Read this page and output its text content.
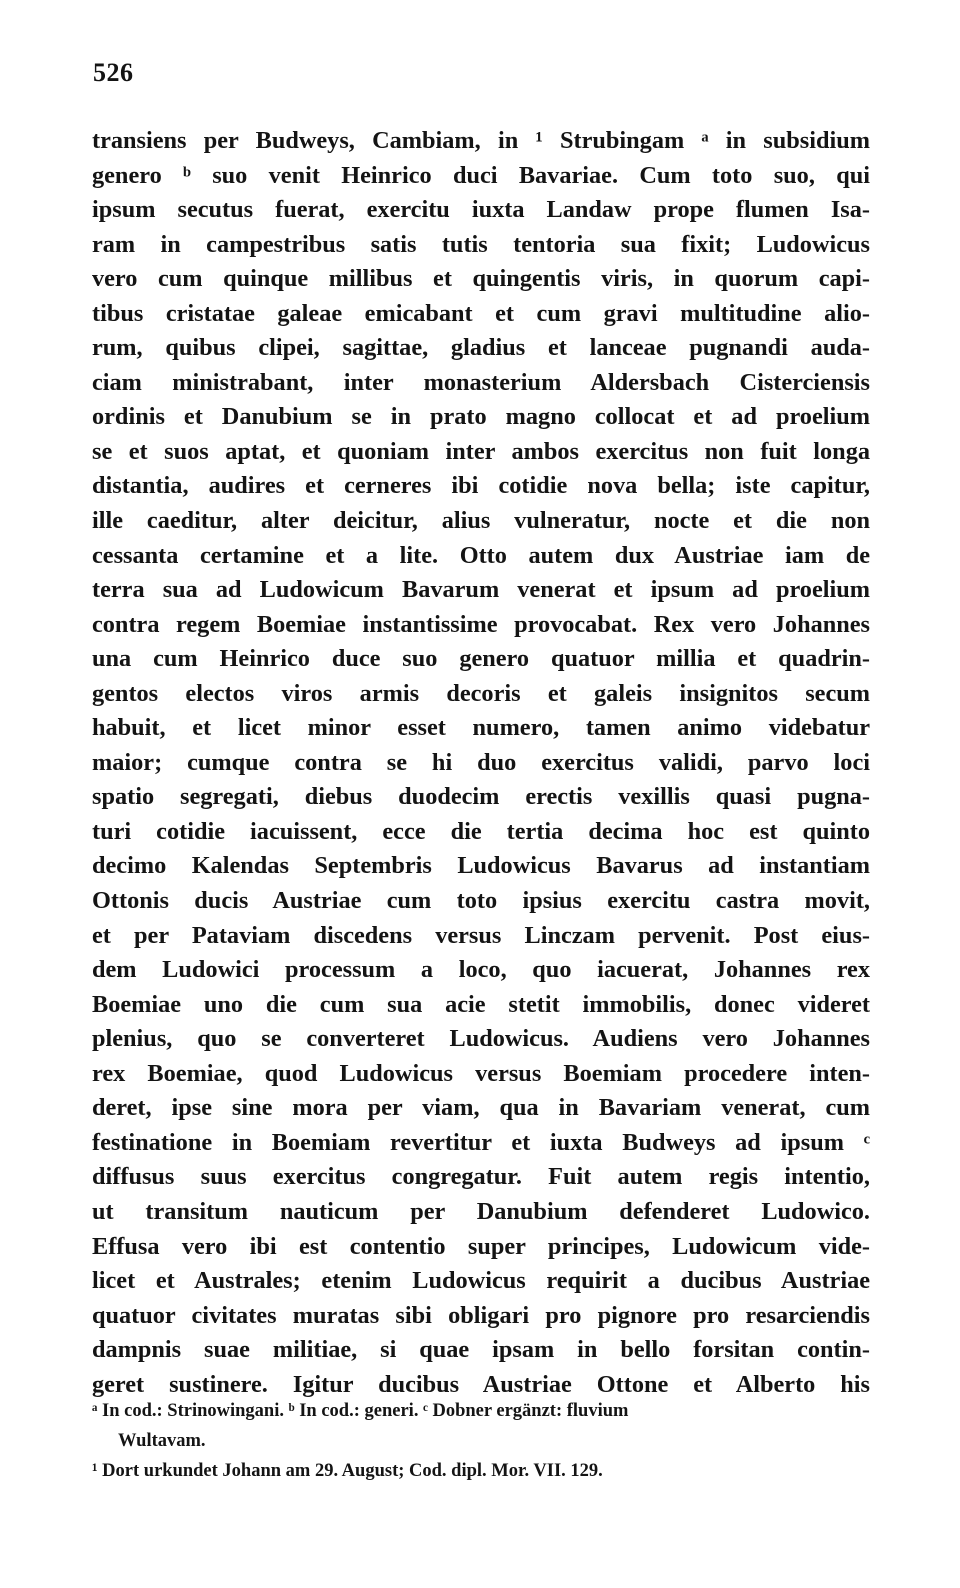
526
transiens per Budweys, Cambiam, in ¹ Strubingam ᵃ in subsidium
genero ᵇ suo venit Heinrico duci Bavariae. Cum toto suo, qui
ipsum secutus fuerat, exercitu iuxta Landaw prope flumen Isa-
ram in campestribus satis tutis tentoria sua fixit; Ludowicus
vero cum quinque millibus et quingentis viris, in quorum capi-
tibus cristatae galeae emicabant et cum gravi multitudine alio-
rum, quibus clipei, sagittae, gladius et lanceae pugnandi auda-
ciam ministrabant, inter monasterium Aldersbach Cisterciensis
ordinis et Danubium se in prato magno collocat et ad proelium
se et suos aptat, et quoniam inter ambos exercitus non fuit longa
distantia, audires et cerneres ibi cotidie nova bella; iste capitur,
ille caeditur, alter deicitur, alius vulneratur, nocte et die non
cessanta certamine et a lite. Otto autem dux Austriae iam de
terra sua ad Ludowicum Bavarum venerat et ipsum ad proelium
contra regem Boemiae instantissime provocabat. Rex vero Johannes
una cum Heinrico duce suo genero quatuor millia et quadrin-
gentos electos viros armis decoris et galeis insignitos secum
habuit, et licet minor esset numero, tamen animo videbatur
maior; cumque contra se hi duo exercitus validi, parvo loci
spatio segregati, diebus duodecim erectis vexillis quasi pugna-
turi cotidie iacuissent, ecce die tertia decima hoc est quinto
decimo Kalendas Septembris Ludowicus Bavarus ad instantiam
Ottonis ducis Austriae cum toto ipsius exercitu castra movit,
et per Pataviam discedens versus Linczam pervenit. Post eius-
dem Ludowici processum a loco, quo iacuerat, Johannes rex
Boemiae uno die cum sua acie stetit immobilis, donec videret
plenius, quo se converteret Ludowicus. Audiens vero Johannes
rex Boemiae, quod Ludowicus versus Boemiam procedere inten-
deret, ipse sine mora per viam, qua in Bavariam venerat, cum
festinatione in Boemiam revertitur et iuxta Budweys ad ipsum ᶜ
diffusus suus exercitus congregatur. Fuit autem regis intentio,
ut transitum nauticum per Danubium defenderet Ludowico.
Effusa vero ibi est contentio super principes, Ludowicum vide-
licet et Australes; etenim Ludowicus requirit a ducibus Austriae
quatuor civitates muratas sibi obligari pro pignore pro resarciendis
dampnis suae militiae, si quae ipsam in bello forsitan contin-
geret sustinere. Igitur ducibus Austriae Ottone et Alberto his
ᵃ In cod.: Strinowingani. ᵇ In cod.: generi. ᶜ Dobner ergänzt: fluvium
Wultavam.
¹ Dort urkundet Johann am 29. August; Cod. dipl. Mor. VII. 129.
